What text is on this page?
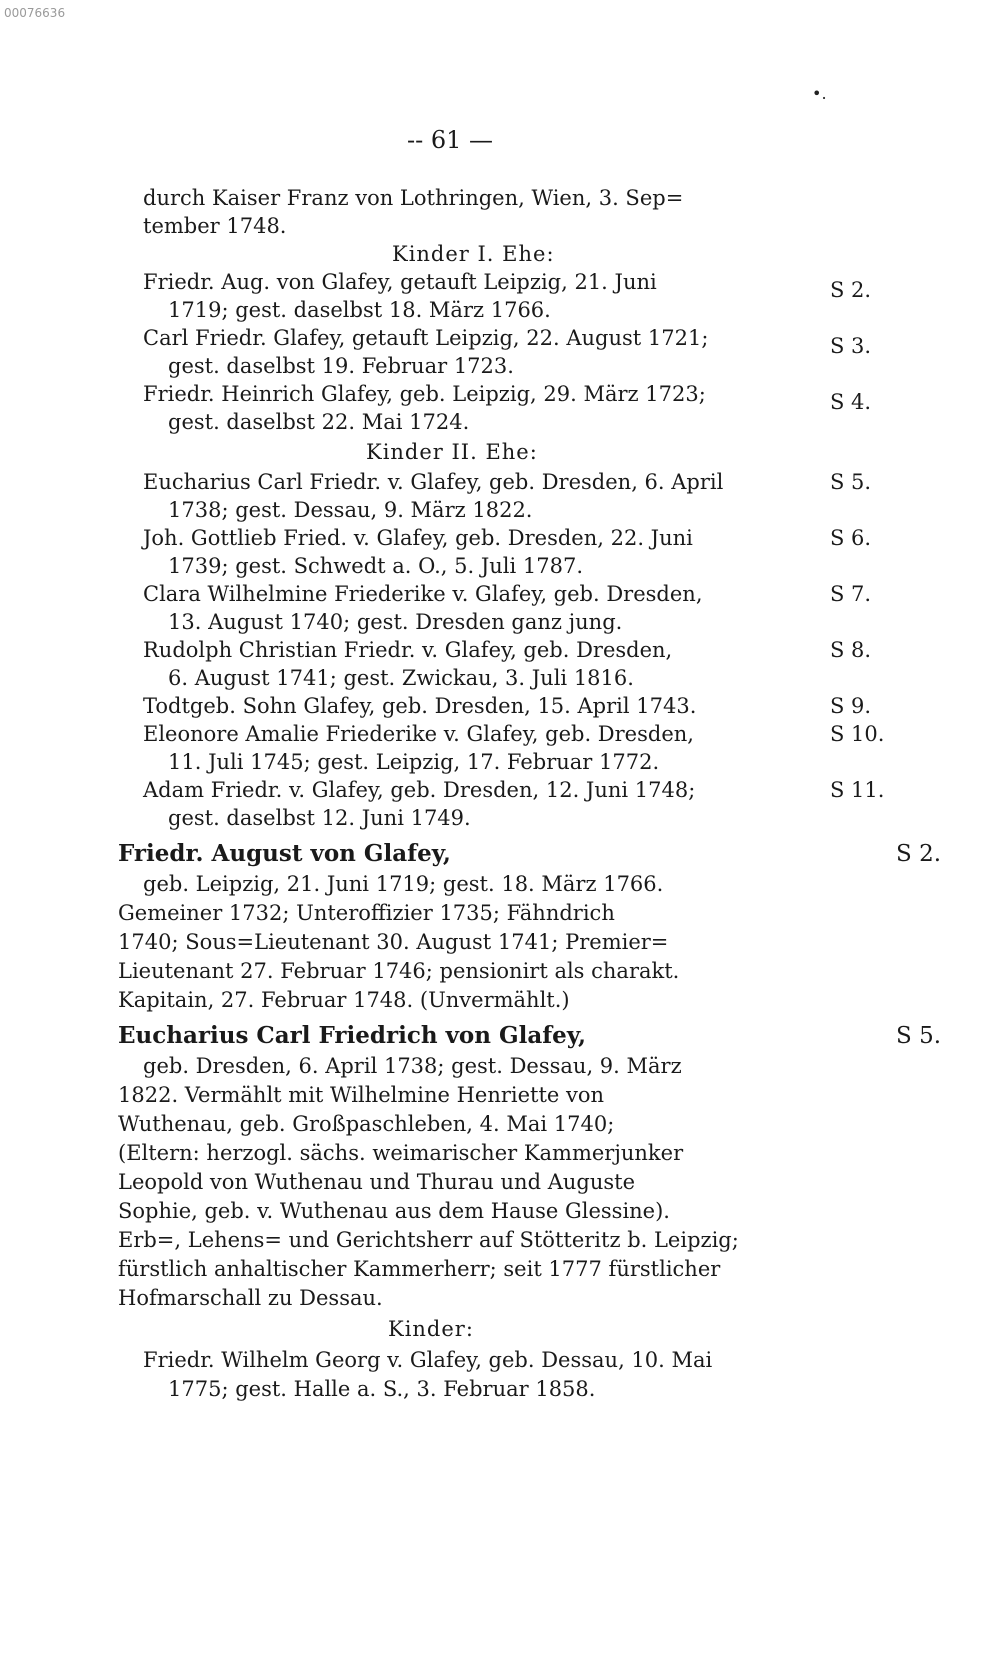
00076636
•.
-- 61 —
durch Kaiser Franz von Lothringen, Wien, 3. Sep=
tember 1748.
Kinder I. Ehe:
Friedr. Aug. von Glafey, getauft Leipzig, 21. Juni
1719; gest. daselbst 18. März 1766.
Carl Friedr. Glafey, getauft Leipzig, 22. August 1721;
gest. daselbst 19. Februar 1723.
Friedr. Heinrich Glafey, geb. Leipzig, 29. März 1723;
gest. daselbst 22. Mai 1724.
Kinder II. Ehe:
Eucharius Carl Friedr. v. Glafey, geb. Dresden, 6. April
1738; gest. Dessau, 9. März 1822.
Joh. Gottlieb Fried. v. Glafey, geb. Dresden, 22. Juni
1739; gest. Schwedt a. O., 5. Juli 1787.
Clara Wilhelmine Friederike v. Glafey, geb. Dresden,
13. August 1740; gest. Dresden ganz jung.
Rudolph Christian Friedr. v. Glafey, geb. Dresden,
6. August 1741; gest. Zwickau, 3. Juli 1816.
Todtgeb. Sohn Glafey, geb. Dresden, 15. April 1743.
Eleonore Amalie Friederike v. Glafey, geb. Dresden,
11. Juli 1745; gest. Leipzig, 17. Februar 1772.
Adam Friedr. v. Glafey, geb. Dresden, 12. Juni 1748;
gest. daselbst 12. Juni 1749.
Friedr. August von Glafey,
geb. Leipzig, 21. Juni 1719; gest. 18. März 1766.
Gemeiner 1732; Unteroffizier 1735; Fähndrich
1740; Sous=Lieutenant 30. August 1741; Premier=
Lieutenant 27. Februar 1746; pensionirt als charakt.
Kapitain, 27. Februar 1748. (Unvermählt.)
Eucharius Carl Friedrich von Glafey,
geb. Dresden, 6. April 1738; gest. Dessau, 9. März
1822. Vermählt mit Wilhelmine Henriette von
Wuthenau, geb. Großpaschleben, 4. Mai 1740;
(Eltern: herzogl. sächs. weimarischer Kammerjunker
Leopold von Wuthenau und Thurau und Auguste
Sophie, geb. v. Wuthenau aus dem Hause Glessine).
Erb=, Lehens= und Gerichtsherr auf Stötteritz b. Leipzig;
fürstlich anhaltischer Kammerherr; seit 1777 fürstlicher
Hofmarschall zu Dessau.
Kinder:
Friedr. Wilhelm Georg v. Glafey, geb. Dessau, 10. Mai
1775; gest. Halle a. S., 3. Februar 1858.
S 2.
S 3.
S 4.
S 5.
S 6.
S 7.
S 8.
S 9.
S 10.
S 11.
S 2.
S 5.
